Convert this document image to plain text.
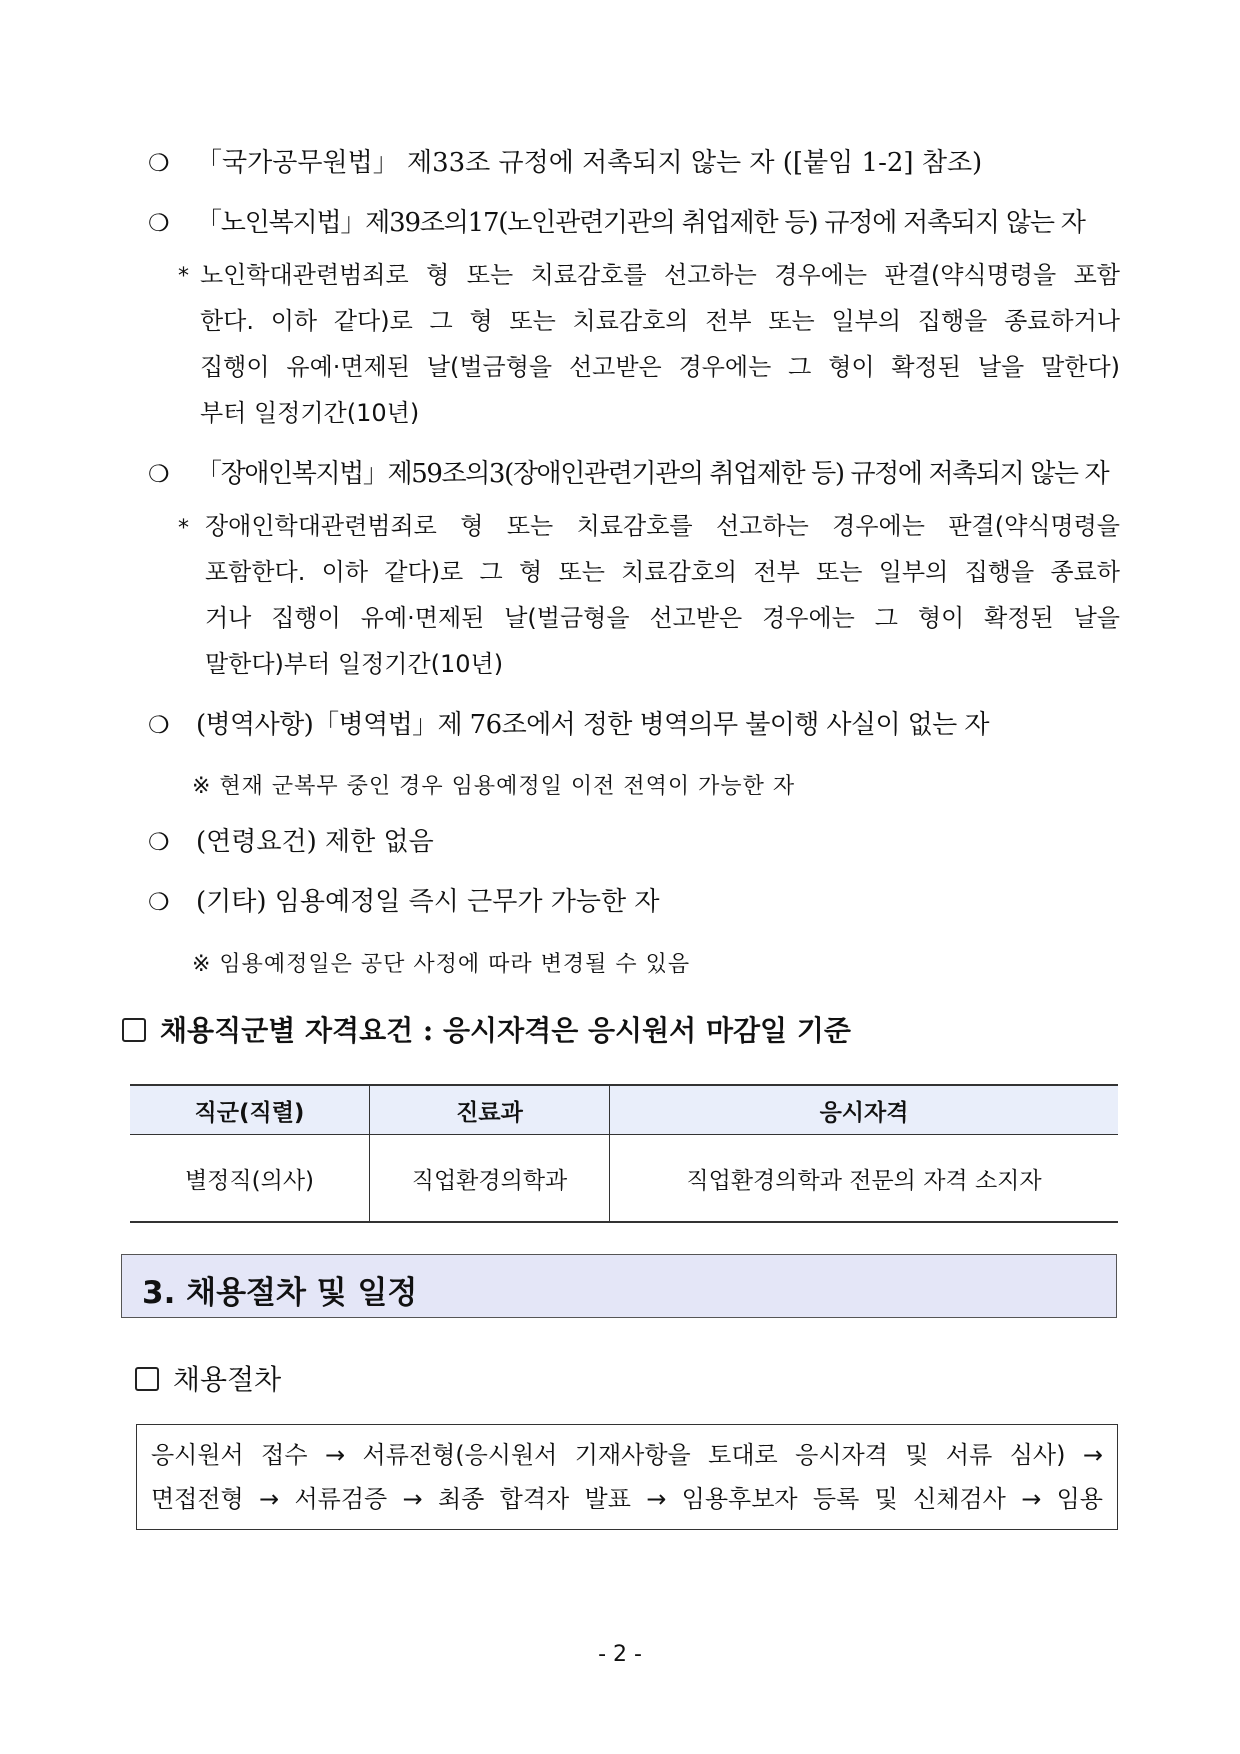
❍ 「국가공무원법」 제33조 규정에 저촉되지 않는 자 ([붙임 1-2] 참조)
❍ 「노인복지법」제39조의17(노인관련기관의 취업제한 등) 규정에 저촉되지 않는 자
* 노인학대관련범죄로 형 또는 치료감호를 선고하는 경우에는 판결(약식명령을 포함
한다. 이하 같다)로 그 형 또는 치료감호의 전부 또는 일부의 집행을 종료하거나
집행이 유예·면제된 날(벌금형을 선고받은 경우에는 그 형이 확정된 날을 말한다)
부터 일정기간(10년)
❍ 「장애인복지법」제59조의3(장애인관련기관의 취업제한 등) 규정에 저촉되지 않는 자
* 장애인학대관련범죄로 형 또는 치료감호를 선고하는 경우에는 판결(약식명령을
포함한다. 이하 같다)로 그 형 또는 치료감호의 전부 또는 일부의 집행을 종료하
거나 집행이 유예·면제된 날(벌금형을 선고받은 경우에는 그 형이 확정된 날을
말한다)부터 일정기간(10년)
❍ (병역사항)「병역법」제 76조에서 정한 병역의무 불이행 사실이 없는 자
※ 현재 군복무 중인 경우 임용예정일 이전 전역이 가능한 자
❍ (연령요건) 제한 없음
❍ (기타) 임용예정일 즉시 근무가 가능한 자
※ 임용예정일은 공단 사정에 따라 변경될 수 있음
채용직군별 자격요건 : 응시자격은 응시원서 마감일 기준
직군(직렬)	진료과	응시자격
별정직(의사)	직업환경의학과	직업환경의학과 전문의 자격 소지자
3. 채용절차 및 일정
채용절차
응시원서 접수 → 서류전형(응시원서 기재사항을 토대로 응시자격 및 서류 심사) →
면접전형 → 서류검증 → 최종 합격자 발표 → 임용후보자 등록 및 신체검사 → 임용
- 2 -
